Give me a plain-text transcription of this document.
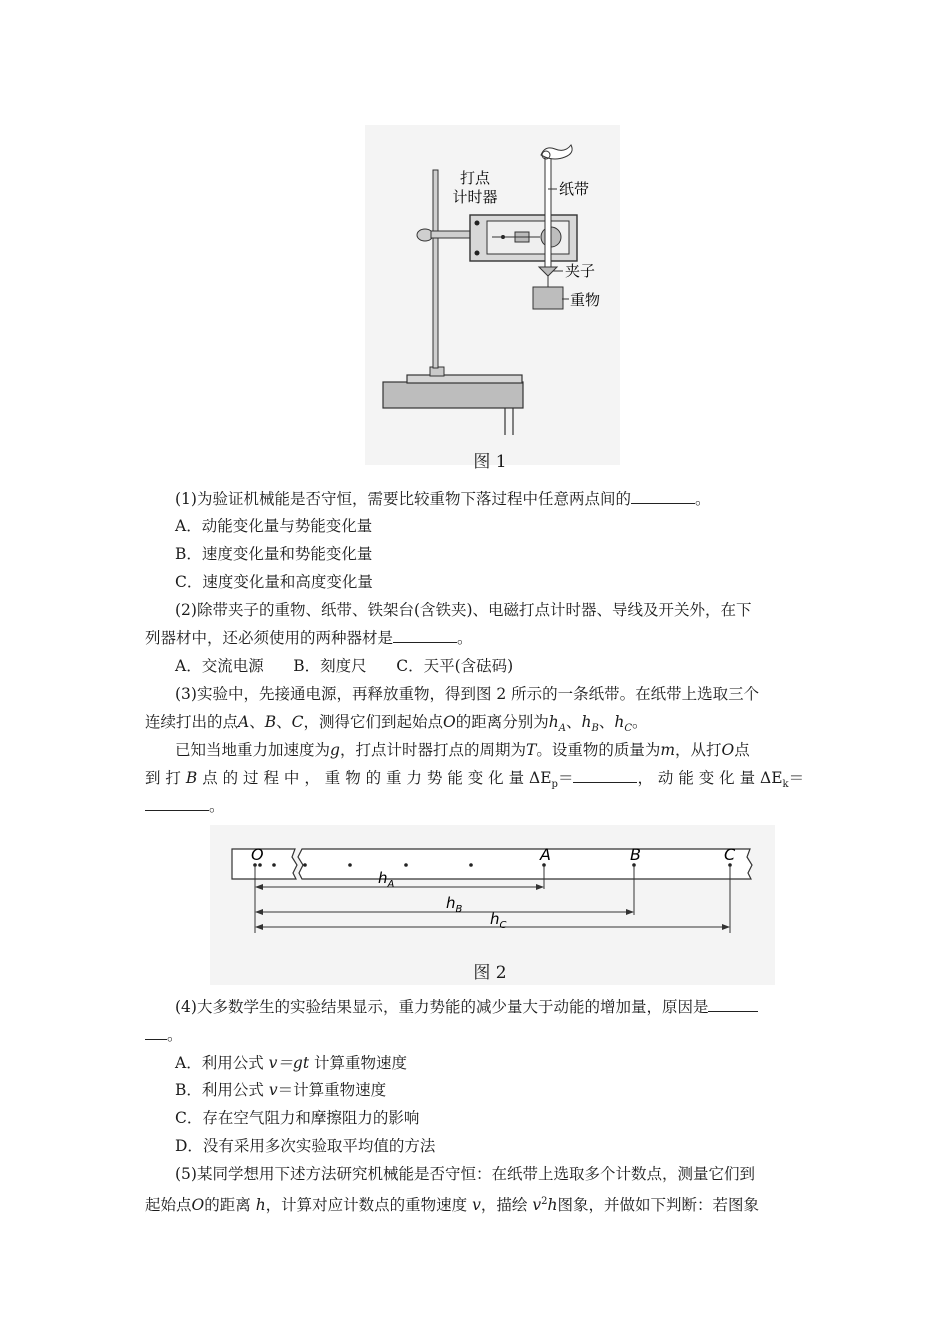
打点
计时器	纸带
夹子
重物
图 1
(1)为验证机械能是否守恒，需要比较重物下落过程中任意两点间的	。
A．动能变化量与势能变化量
B．速度变化量和势能变化量
C．速度变化量和高度变化量
(2)除带夹子的重物、纸带、铁架台(含铁夹)、电磁打点计时器、导线及开关外，在下
列器材中，还必须使用的两种器材是	。
A．交流电源 B．刻度尺 C．天平(含砝码)
(3)实验中，先接通电源，再释放重物，得到图 2 所示的一条纸带。在纸带上选取三个
连续打出的点A、B、C，测得它们到起始点O的距离分别为$h_A$、$h_B$、$h_C$。
已知当地重力加速度为g，打点计时器打点的周期为T。设重物的质量为m，从打O点
到 打 B 点 的 过 程 中 ， 重 物 的 重 力 势 能 变 化 量 $\Delta E_p=$	， 动 能 变 化 量 $\Delta E_k=$
。
O	A	B	C
$h_A$
$h_B$
$h_C$
图 2
(4)大多数学生的实验结果显示，重力势能的减少量大于动能的增加量，原因是
。
A．利用公式 v＝gt 计算重物速度
B．利用公式 v＝计算重物速度
C．存在空气阻力和摩擦阻力的影响
D．没有采用多次实验取平均值的方法
(5)某同学想用下述方法研究机械能是否守恒：在纸带上选取多个计数点，测量它们到
起始点O的距离 h，计算对应计数点的重物速度 v，描绘 $v^2h$图象，并做如下判断：若图象
